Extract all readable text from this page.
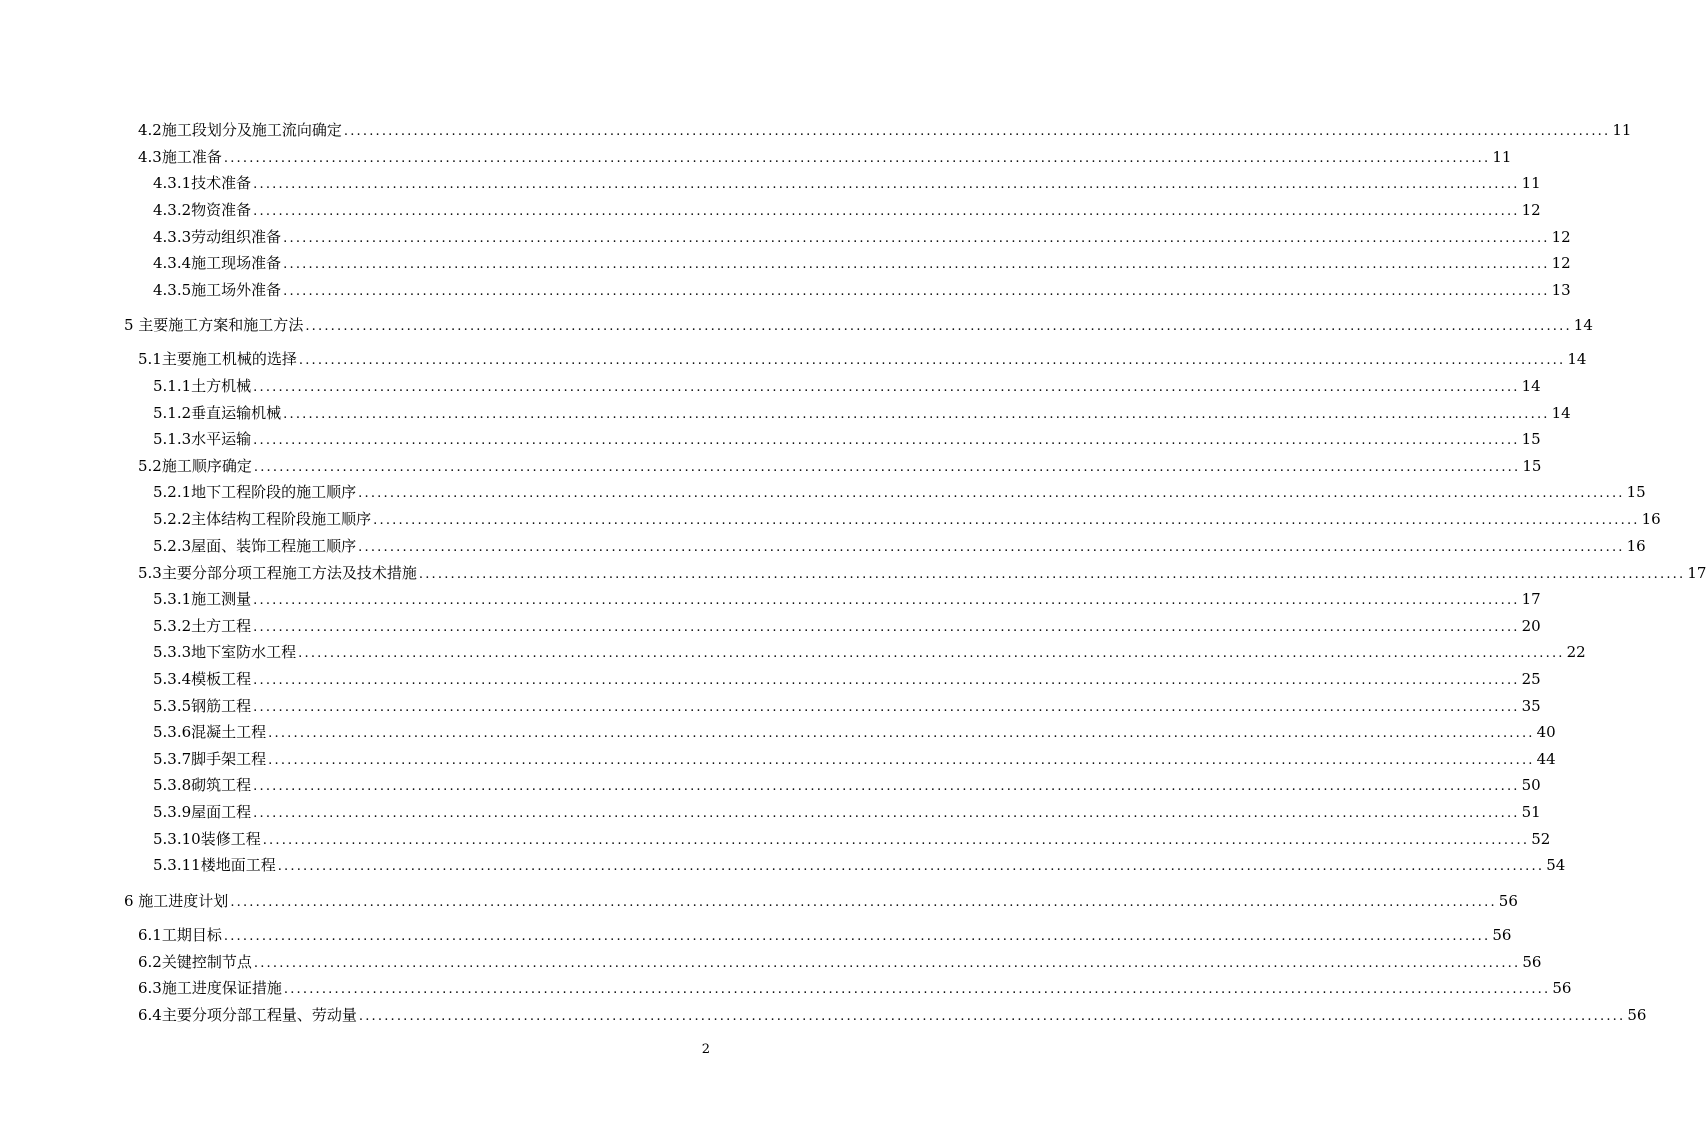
4.2施工段划分及施工流向确定 ........................................................................................................................................................................................................ 11
4.3施工准备 ........................................................................................................................................................................................................ 11
4.3.1技术准备 ........................................................................................................................................................................................................ 11
4.3.2物资准备 ........................................................................................................................................................................................................ 12
4.3.3劳动组织准备 ........................................................................................................................................................................................................ 12
4.3.4施工现场准备 ........................................................................................................................................................................................................ 12
4.3.5施工场外准备 ........................................................................................................................................................................................................ 13
5 主要施工方案和施工方法 ........................................................................................................................................................................................................ 14
5.1主要施工机械的选择 ........................................................................................................................................................................................................ 14
5.1.1土方机械 ........................................................................................................................................................................................................ 14
5.1.2垂直运输机械 ........................................................................................................................................................................................................ 14
5.1.3水平运输 ........................................................................................................................................................................................................ 15
5.2施工顺序确定 ........................................................................................................................................................................................................ 15
5.2.1地下工程阶段的施工顺序 ........................................................................................................................................................................................................ 15
5.2.2主体结构工程阶段施工顺序 ........................................................................................................................................................................................................ 16
5.2.3屋面、装饰工程施工顺序 ........................................................................................................................................................................................................ 16
5.3主要分部分项工程施工方法及技术措施 ........................................................................................................................................................................................................ 17
5.3.1施工测量 ........................................................................................................................................................................................................ 17
5.3.2土方工程 ........................................................................................................................................................................................................ 20
5.3.3地下室防水工程 ........................................................................................................................................................................................................ 22
5.3.4模板工程 ........................................................................................................................................................................................................ 25
5.3.5钢筋工程 ........................................................................................................................................................................................................ 35
5.3.6混凝土工程 ........................................................................................................................................................................................................ 40
5.3.7脚手架工程 ........................................................................................................................................................................................................ 44
5.3.8砌筑工程 ........................................................................................................................................................................................................ 50
5.3.9屋面工程 ........................................................................................................................................................................................................ 51
5.3.10装修工程 ........................................................................................................................................................................................................ 52
5.3.11楼地面工程 ........................................................................................................................................................................................................ 54
6 施工进度计划 ........................................................................................................................................................................................................ 56
6.1工期目标 ........................................................................................................................................................................................................ 56
6.2关键控制节点 ........................................................................................................................................................................................................ 56
6.3施工进度保证措施 ........................................................................................................................................................................................................ 56
6.4主要分项分部工程量、劳动量 ........................................................................................................................................................................................................ 56
2
